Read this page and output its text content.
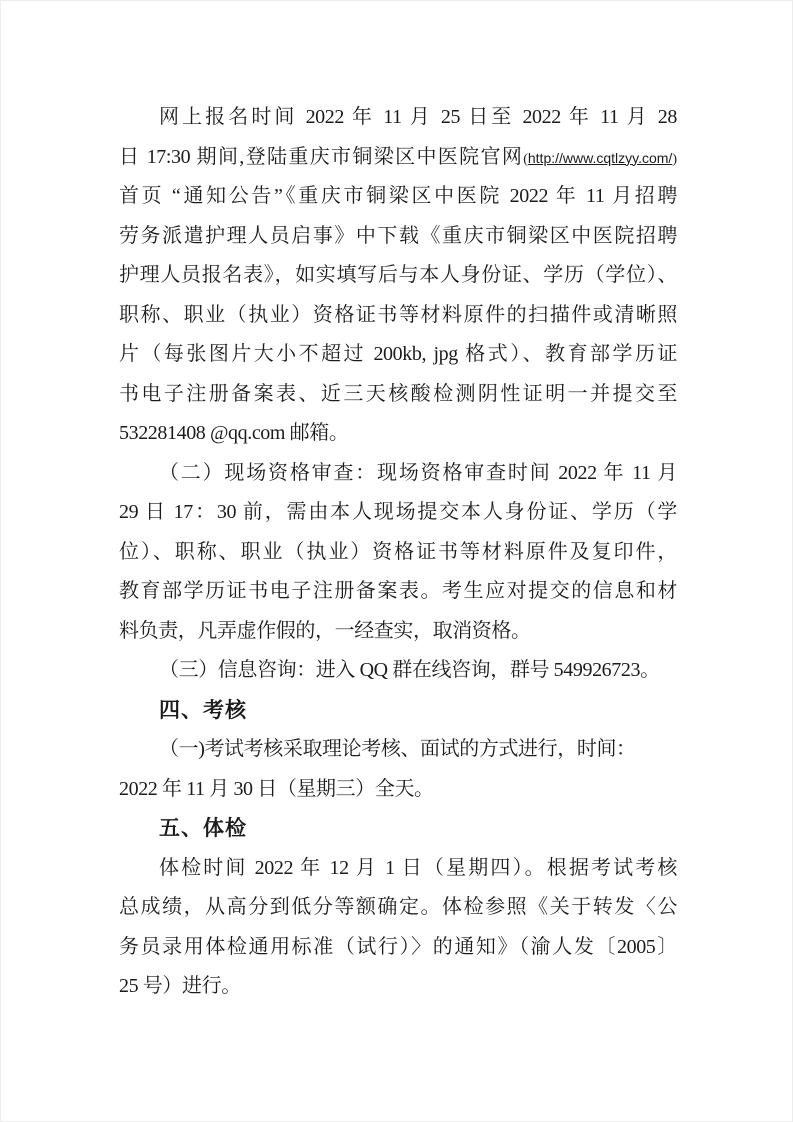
网上报名时间 2022 年 11 月 25 日至 2022 年 11 月 28
日 17:30 期间,登陆重庆市铜梁区中医院官网(http://www.cqtlzyy.com/)
首页 “通知公告”《重庆市铜梁区中医院 2022 年 11 月招聘
劳务派遣护理人员启事》中下载《重庆市铜梁区中医院招聘
护理人员报名表》，如实填写后与本人身份证、学历（学位）、
职称、职业（执业）资格证书等材料原件的扫描件或清晰照
片（每张图片大小不超过 200kb, jpg 格式）、教育部学历证
书电子注册备案表、近三天核酸检测阴性证明一并提交至
532281408 @qq.com 邮箱。
（二）现场资格审查：现场资格审查时间 2022 年 11 月
29 日 17：30 前，需由本人现场提交本人身份证、学历（学
位）、职称、职业（执业）资格证书等材料原件及复印件，
教育部学历证书电子注册备案表。考生应对提交的信息和材
料负责，凡弄虚作假的，一经查实，取消资格。
（三）信息咨询：进入 QQ 群在线咨询，群号 549926723。
四、考核
（一)考试考核采取理论考核、面试的方式进行，时间：
2022 年 11 月 30 日（星期三）全天。
五、体检
体检时间 2022 年 12 月 1 日（星期四）。根据考试考核
总成绩，从高分到低分等额确定。体检参照《关于转发〈公
务员录用体检通用标准（试行）〉的通知》（渝人发〔2005〕
25 号）进行。
